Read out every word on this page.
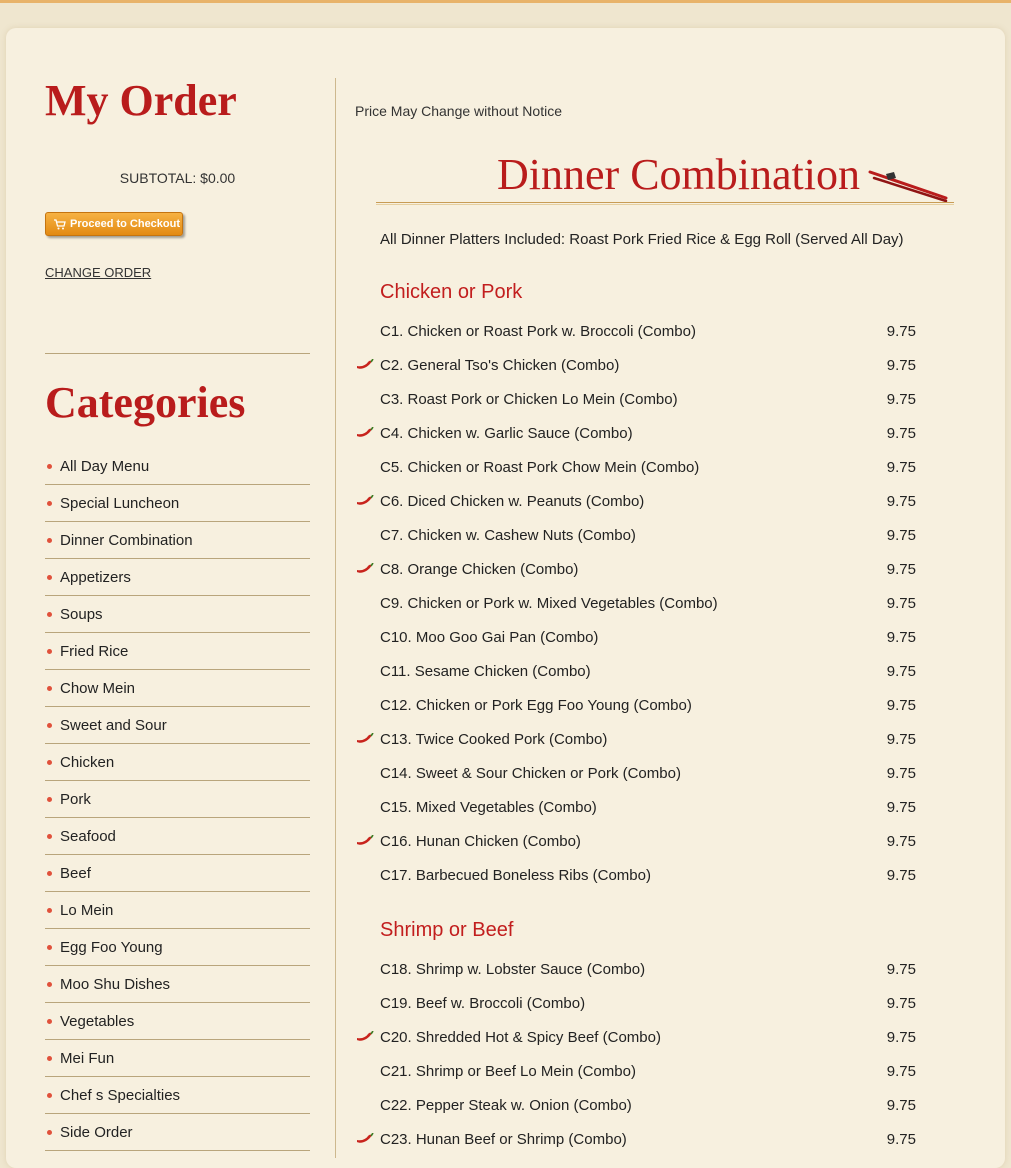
My Order
SUBTOTAL: $0.00
Proceed to Checkout
CHANGE ORDER
Categories
All Day Menu
Special Luncheon
Dinner Combination
Appetizers
Soups
Fried Rice
Chow Mein
Sweet and Sour
Chicken
Pork
Seafood
Beef
Lo Mein
Egg Foo Young
Moo Shu Dishes
Vegetables
Mei Fun
Chef s Specialties
Side Order
Price May Change without Notice
Dinner Combination
All Dinner Platters Included: Roast Pork Fried Rice & Egg Roll (Served All Day)
Chicken or Pork
C1. Chicken or Roast Pork w. Broccoli (Combo)	9.75
C2. General Tso's Chicken (Combo)	9.75
C3. Roast Pork or Chicken Lo Mein (Combo)	9.75
C4. Chicken w. Garlic Sauce (Combo)	9.75
C5. Chicken or Roast Pork Chow Mein (Combo)	9.75
C6. Diced Chicken w. Peanuts (Combo)	9.75
C7. Chicken w. Cashew Nuts (Combo)	9.75
C8. Orange Chicken (Combo)	9.75
C9. Chicken or Pork w. Mixed Vegetables (Combo)	9.75
C10. Moo Goo Gai Pan (Combo)	9.75
C11. Sesame Chicken (Combo)	9.75
C12. Chicken or Pork Egg Foo Young (Combo)	9.75
C13. Twice Cooked Pork (Combo)	9.75
C14. Sweet & Sour Chicken or Pork (Combo)	9.75
C15. Mixed Vegetables (Combo)	9.75
C16. Hunan Chicken (Combo)	9.75
C17. Barbecued Boneless Ribs (Combo)	9.75
Shrimp or Beef
C18. Shrimp w. Lobster Sauce (Combo)	9.75
C19. Beef w. Broccoli (Combo)	9.75
C20. Shredded Hot & Spicy Beef (Combo)	9.75
C21. Shrimp or Beef Lo Mein (Combo)	9.75
C22. Pepper Steak w. Onion (Combo)	9.75
C23. Hunan Beef or Shrimp (Combo)	9.75
